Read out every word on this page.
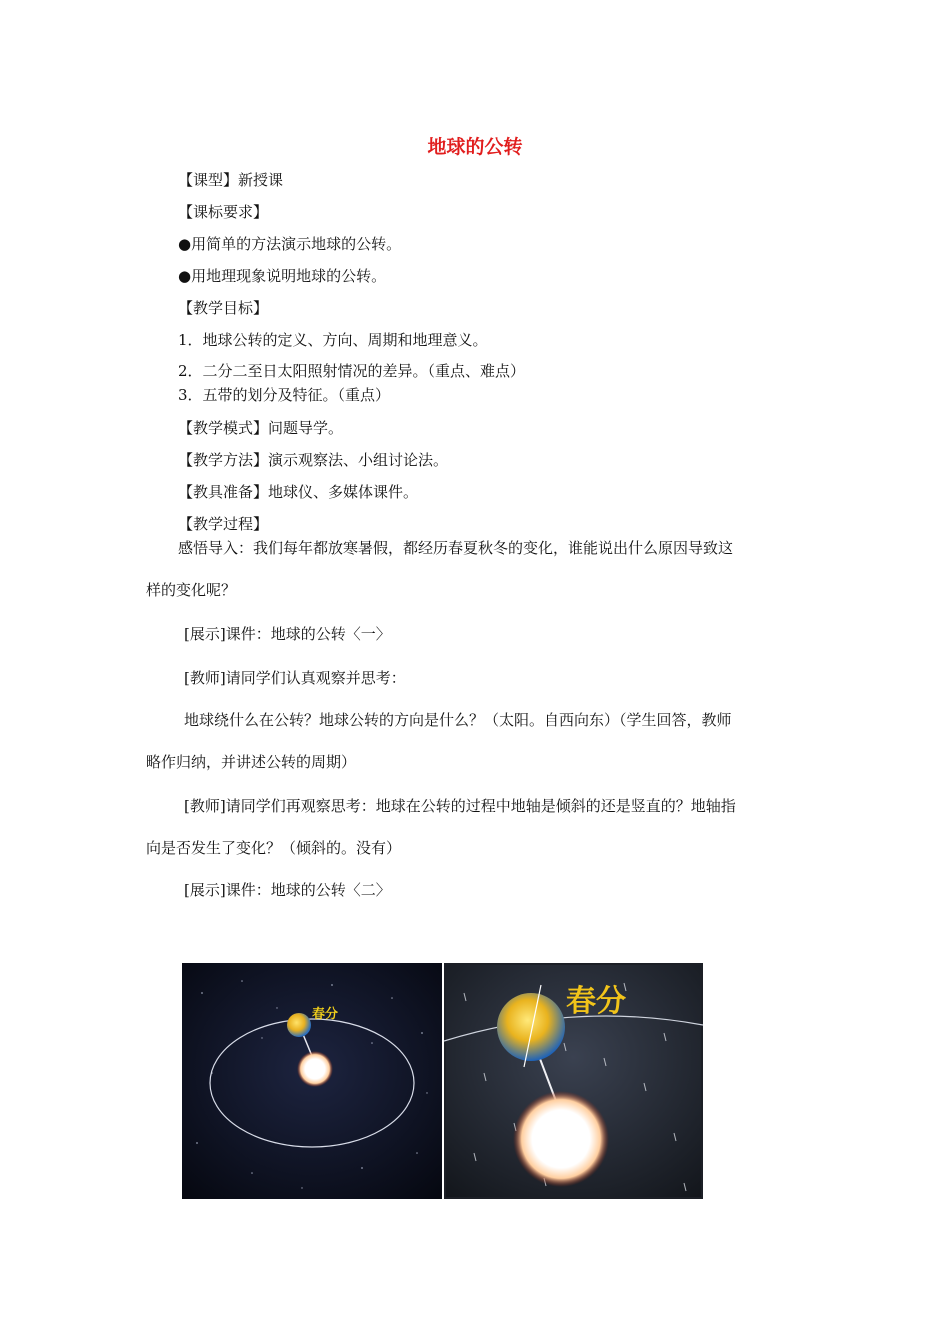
地球的公转
【课型】新授课
【课标要求】
●用简单的方法演示地球的公转。
●用地理现象说明地球的公转。
【教学目标】
1．地球公转的定义、方向、周期和地理意义。
2．二分二至日太阳照射情况的差异。（重点、难点）
3．五带的划分及特征。（重点）
【教学模式】问题导学。
【教学方法】演示观察法、小组讨论法。
【教具准备】地球仪、多媒体课件。
【教学过程】
感悟导入：我们每年都放寒暑假，都经历春夏秋冬的变化，谁能说出什么原因导致这
样的变化呢？
[展示]课件：地球的公转〈一〉
[教师]请同学们认真观察并思考：
地球绕什么在公转？地球公转的方向是什么？（太阳。自西向东）（学生回答，教师
略作归纳，并讲述公转的周期）
[教师]请同学们再观察思考：地球在公转的过程中地轴是倾斜的还是竖直的？地轴指
向是否发生了变化？（倾斜的。没有）
[展示]课件：地球的公转〈二〉
春分	春分
